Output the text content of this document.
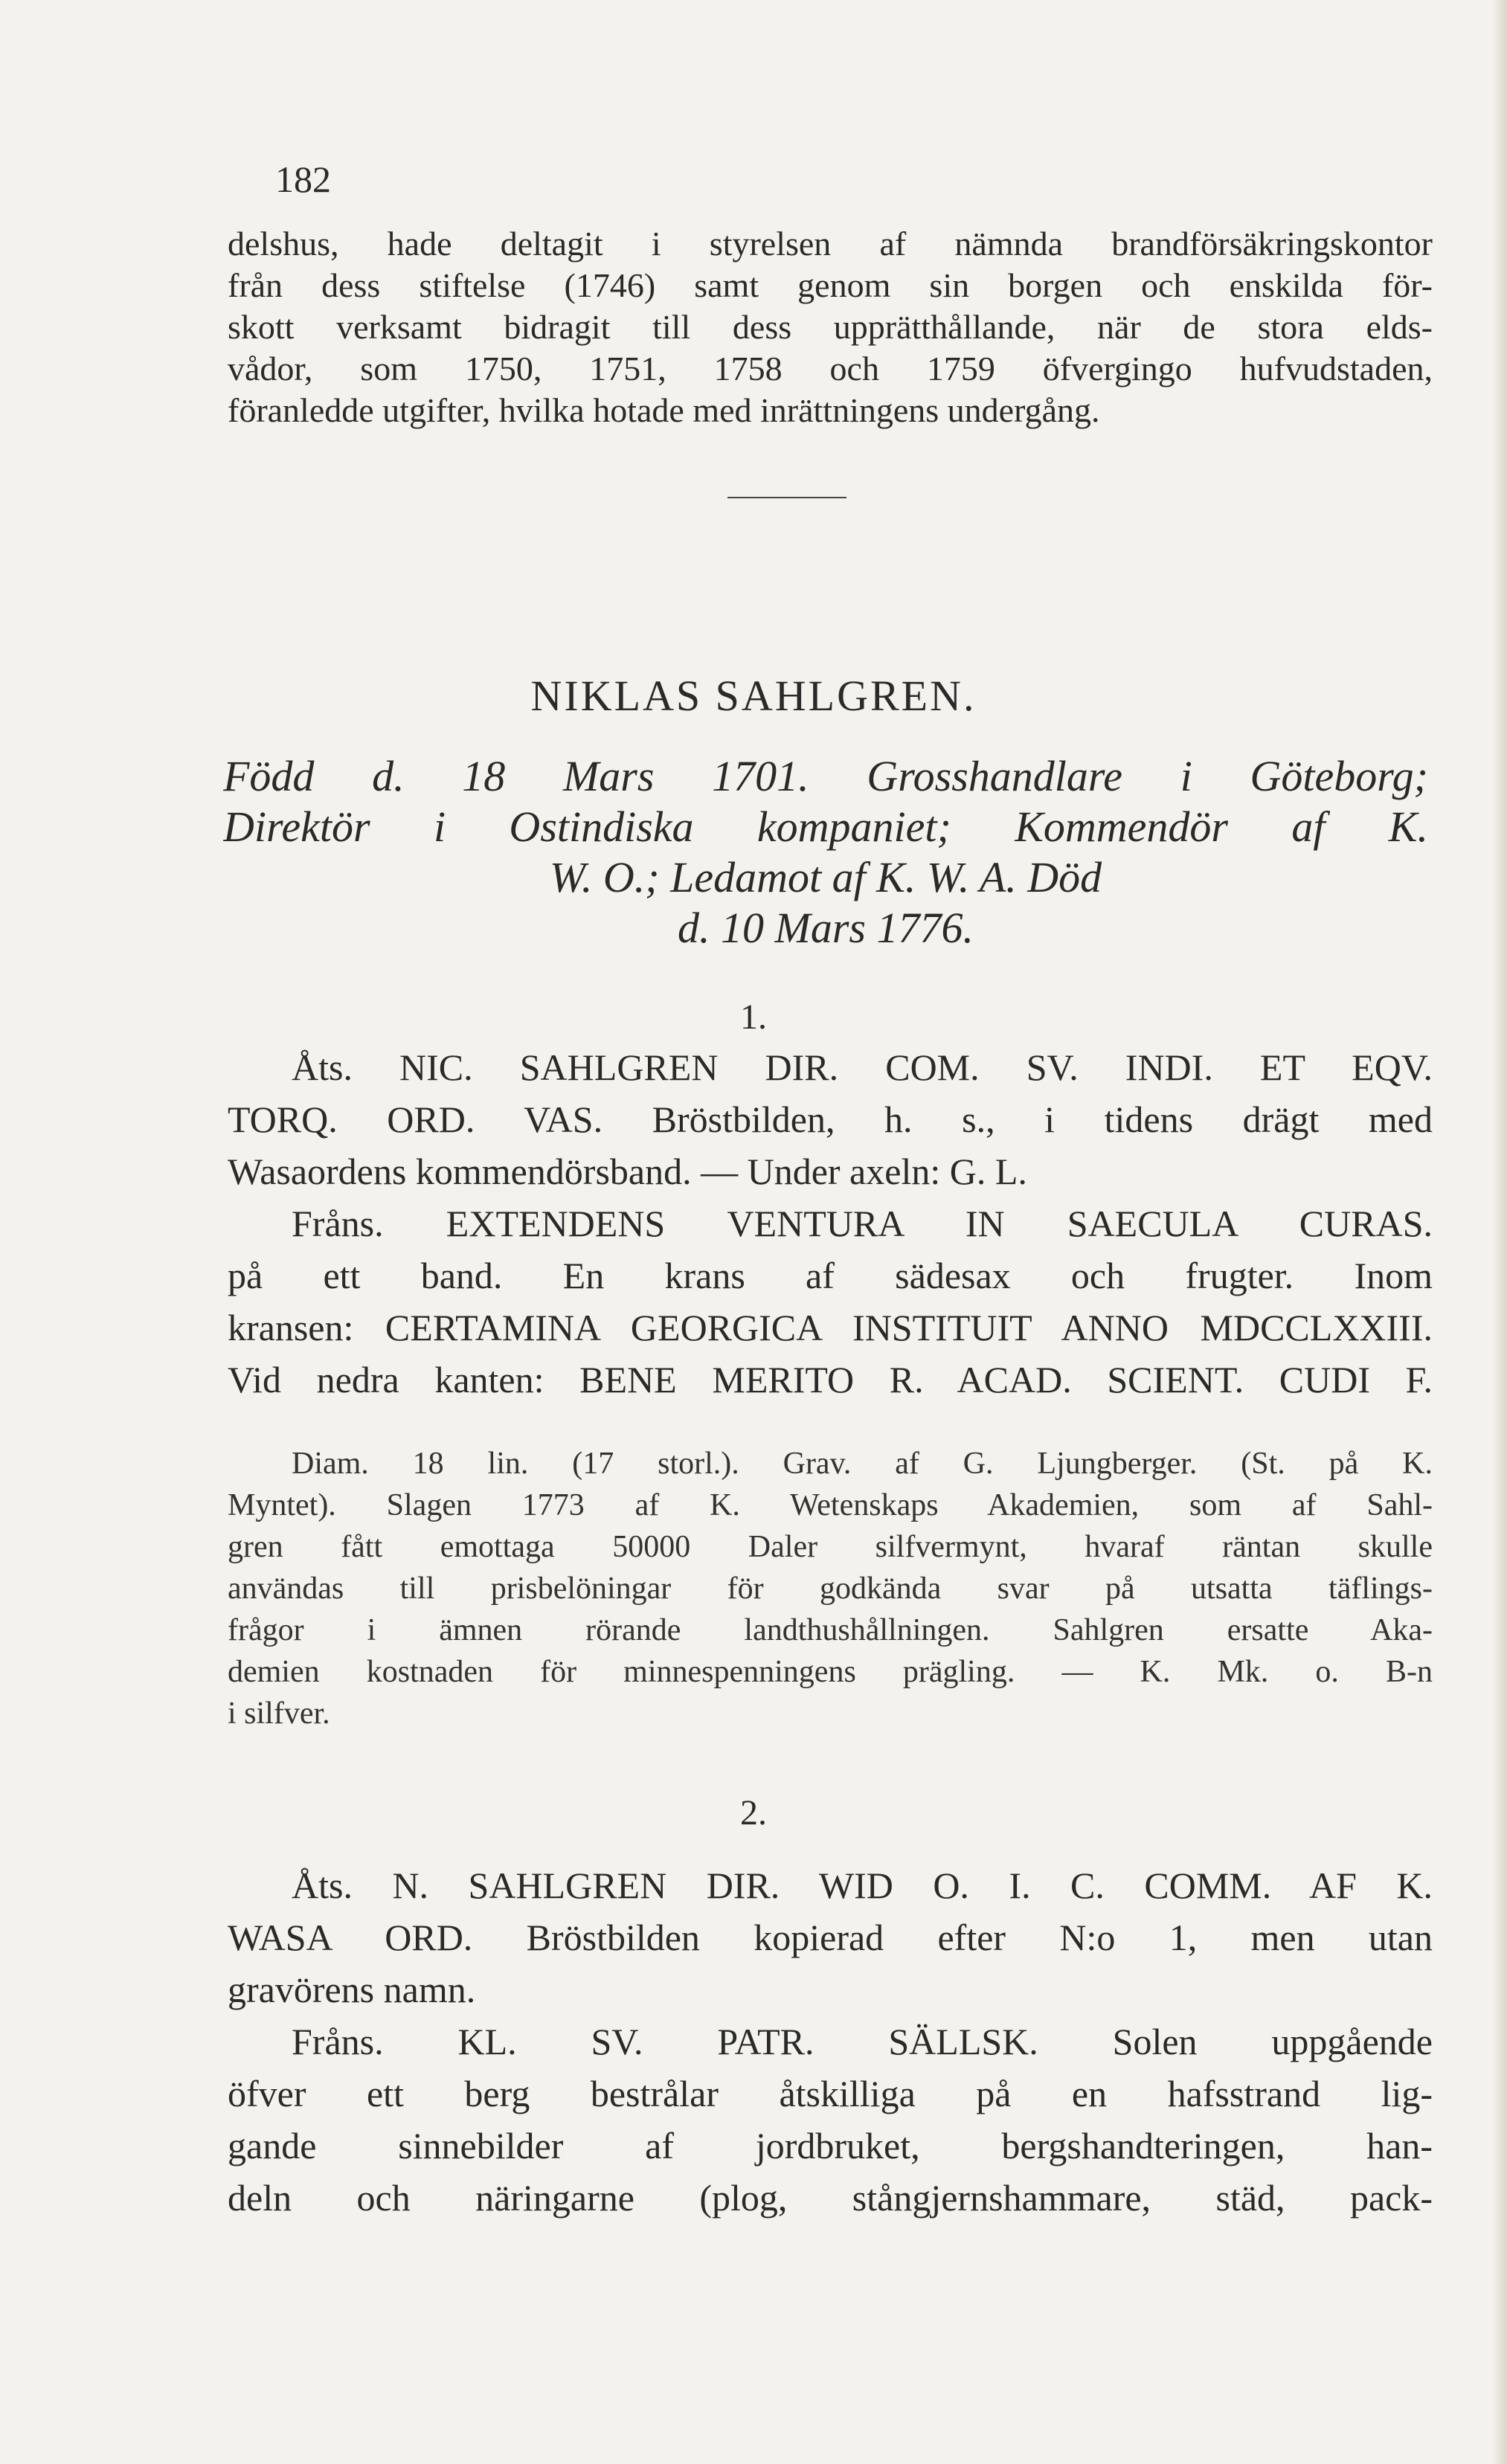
182
delshus, hade deltagit i styrelsen af nämnda brandförsäkringskontor
från dess stiftelse (1746) samt genom sin borgen och enskilda för-
skott verksamt bidragit till dess upprätthållande, när de stora elds-
vådor, som 1750, 1751, 1758 och 1759 öfvergingo hufvudstaden,
föranledde utgifter, hvilka hotade med inrättningens undergång.
NIKLAS SAHLGREN.
Född d. 18 Mars 1701. Grosshandlare i Göteborg;
Direktör i Ostindiska kompaniet; Kommendör af K.
W. O.; Ledamot af K. W. A. Död
d. 10 Mars 1776.
1.
Åts. NIC. SAHLGREN DIR. COM. SV. INDI. ET EQV.
TORQ. ORD. VAS. Bröstbilden, h. s., i tidens drägt med
Wasaordens kommendörsband. — Under axeln: G. L.
Fråns. EXTENDENS VENTURA IN SAECULA CURAS.
på ett band. En krans af sädesax och frugter. Inom
kransen: CERTAMINA GEORGICA INSTITUIT ANNO MDCCLXXIII.
Vid nedra kanten: BENE MERITO R. ACAD. SCIENT. CUDI F.
Diam. 18 lin. (17 storl.). Grav. af G. Ljungberger. (St. på K.
Myntet). Slagen 1773 af K. Wetenskaps Akademien, som af Sahl-
gren fått emottaga 50000 Daler silfvermynt, hvaraf räntan skulle
användas till prisbelöningar för godkända svar på utsatta täflings-
frågor i ämnen rörande landthushållningen. Sahlgren ersatte Aka-
demien kostnaden för minnespenningens prägling. — K. Mk. o. B-n
i silfver.
2.
Åts. N. SAHLGREN DIR. WID O. I. C. COMM. AF K.
WASA ORD. Bröstbilden kopierad efter N:o 1, men utan
gravörens namn.
Fråns. KL. SV. PATR. SÄLLSK. Solen uppgående
öfver ett berg bestrålar åtskilliga på en hafsstrand lig-
gande sinnebilder af jordbruket, bergshandteringen, han-
deln och näringarne (plog, stångjernshammare, städ, pack-
